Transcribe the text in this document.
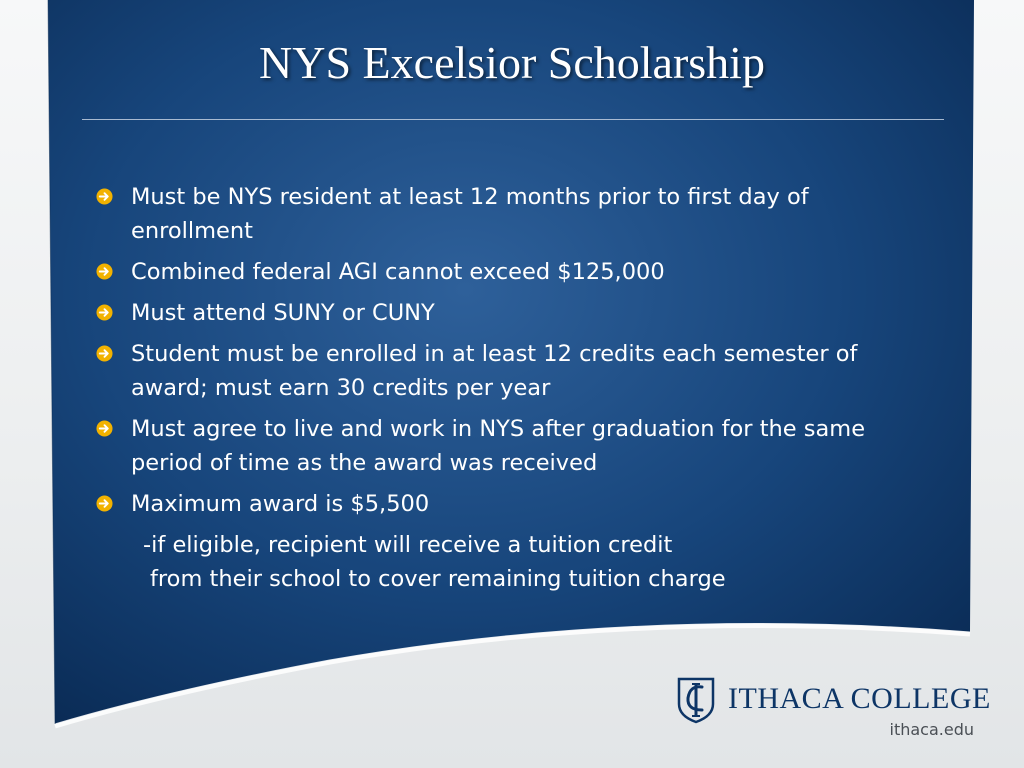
NYS Excelsior Scholarship
Must be NYS resident at least 12 months prior to first day of enrollment
Combined federal AGI cannot exceed $125,000
Must attend SUNY or CUNY
Student must be enrolled in at least 12 credits each semester of award; must earn 30 credits per year
Must agree to live and work in NYS after graduation for the same period of time as the award was received
Maximum award is $5,500
-if eligible, recipient will receive a tuition credit
from their school to cover remaining tuition charge
ITHACA COLLEGE
ithaca.edu
